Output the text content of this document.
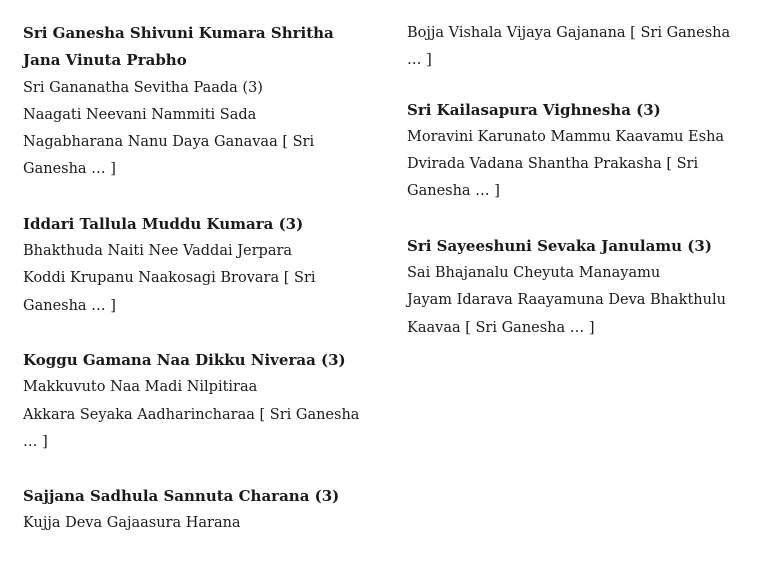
Sri Ganesha Shivuni Kumara Shritha Jana Vinuta Prabho

Sri Gananatha Sevitha Paada (3)

Naagati Neevani Nammiti Sada

Nagabharana Nanu Daya Ganavaa [ Sri Ganesha … ]

Iddari Tallula Muddu Kumara (3)

Bhakthuda Naiti Nee Vaddai Jerpara

Koddi Krupanu Naakosagi Brovara [ Sri Ganesha … ]

Koggu Gamana Naa Dikku Niveraa (3)

Makkuvuto Naa Madi Nilpitiraa

Akkara Seyaka Aadharincharaa [ Sri Ganesha … ]

Sajjana Sadhula Sannuta Charana (3)

Kujja Deva Gajaasura Harana

Bojja Vishala Vijaya Gajanana [ Sri Ganesha … ]

Sri Kailasapura Vighnesha (3)

Moravini Karunato Mammu Kaavamu Esha

Dvirada Vadana Shantha Prakasha [ Sri Ganesha … ]

Sri Sayeeshuni Sevaka Janulamu (3)

Sai Bhajanalu Cheyuta Manayamu

Jayam Idarava Raayamuna Deva Bhakthulu Kaavaa [ Sri Ganesha … ]
